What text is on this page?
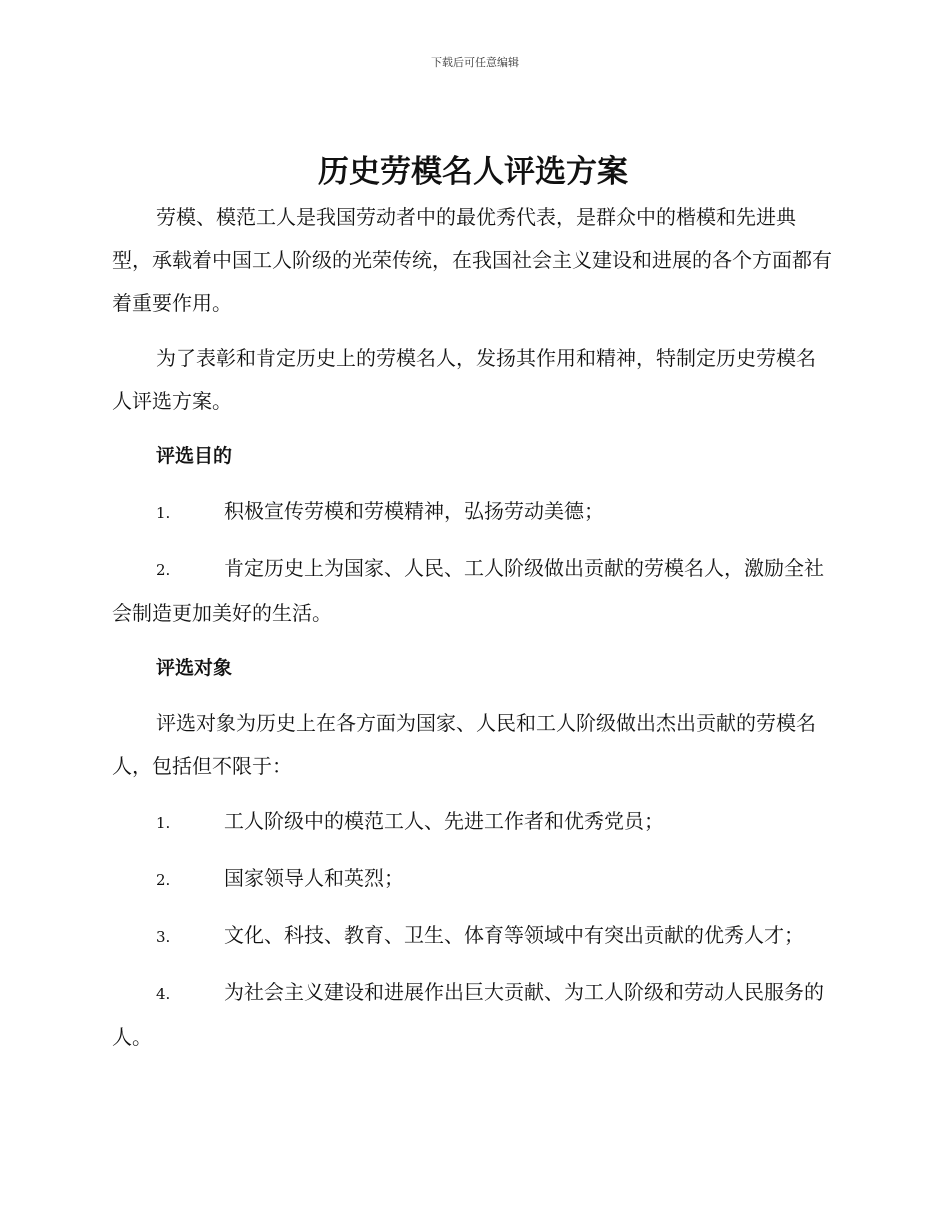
下载后可任意编辑
历史劳模名人评选方案

劳模、模范工人是我国劳动者中的最优秀代表，是群众中的楷模和先进典型，承载着中国工人阶级的光荣传统，在我国社会主义建设和进展的各个方面都有着重要作用。

为了表彰和肯定历史上的劳模名人，发扬其作用和精神，特制定历史劳模名人评选方案。

评选目的
1.	积极宣传劳模和劳模精神，弘扬劳动美德；
2.	肯定历史上为国家、人民、工人阶级做出贡献的劳模名人，激励全社会制造更加美好的生活。
评选对象

评选对象为历史上在各方面为国家、人民和工人阶级做出杰出贡献的劳模名人，包括但不限于：

1.	工人阶级中的模范工人、先进工作者和优秀党员；
2.	国家领导人和英烈；
3.	文化、科技、教育、卫生、体育等领域中有突出贡献的优秀人才；
4.	为社会主义建设和进展作出巨大贡献、为工人阶级和劳动人民服务的人。
